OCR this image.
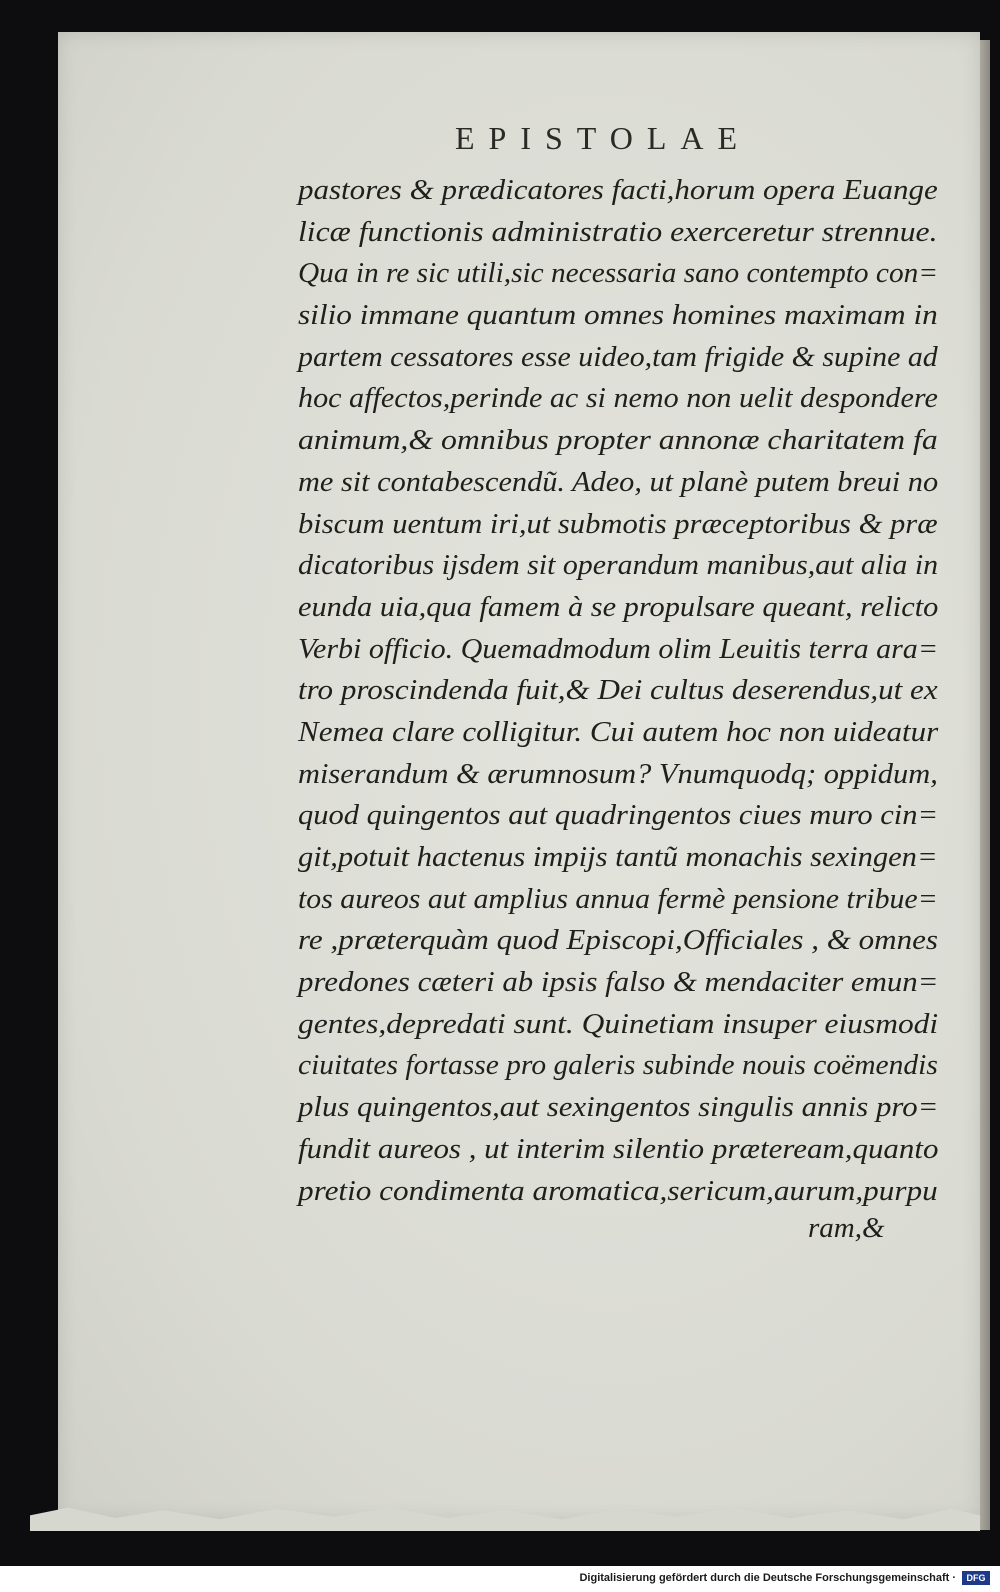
EPISTOLAE
pastores & prædicatores facti,horum opera Euange
licæ functionis administratio exerceretur strennue.
Qua in re sic utili,sic necessaria sano contempto con=
silio immane quantum omnes homines maximam in
partem cessatores esse uideo,tam frigide & supine ad
hoc affectos,perinde ac si nemo non uelit despondere
animum,& omnibus propter annonæ charitatem fa
me sit contabescendũ. Adeo, ut planè putem breui no
biscum uentum iri,ut submotis præceptoribus & præ
dicatoribus ijsdem sit operandum manibus,aut alia in
eunda uia,qua famem à se propulsare queant, relicto
Verbi officio. Quemadmodum olim Leuitis terra ara=
tro proscindenda fuit,& Dei cultus deserendus,ut ex
Nemea clare colligitur. Cui autem hoc non uideatur
miserandum & ærumnosum? Vnumquodq; oppidum,
quod quingentos aut quadringentos ciues muro cin=
git,potuit hactenus impijs tantũ monachis sexingen=
tos aureos aut amplius annua fermè pensione tribue=
re ,præterquàm quod Episcopi,Officiales , & omnes
predones cæteri ab ipsis falso & mendaciter emun=
gentes,depredati sunt. Quinetiam insuper eiusmodi
ciuitates fortasse pro galeris subinde nouis coëmendis
plus quingentos,aut sexingentos singulis annis pro=
fundit aureos , ut interim silentio præteream,quanto
pretio condimenta aromatica,sericum,aurum,purpu
ram,&
Digitalisierung gefördert durch die Deutsche Forschungsgemeinschaft ·	DFG
